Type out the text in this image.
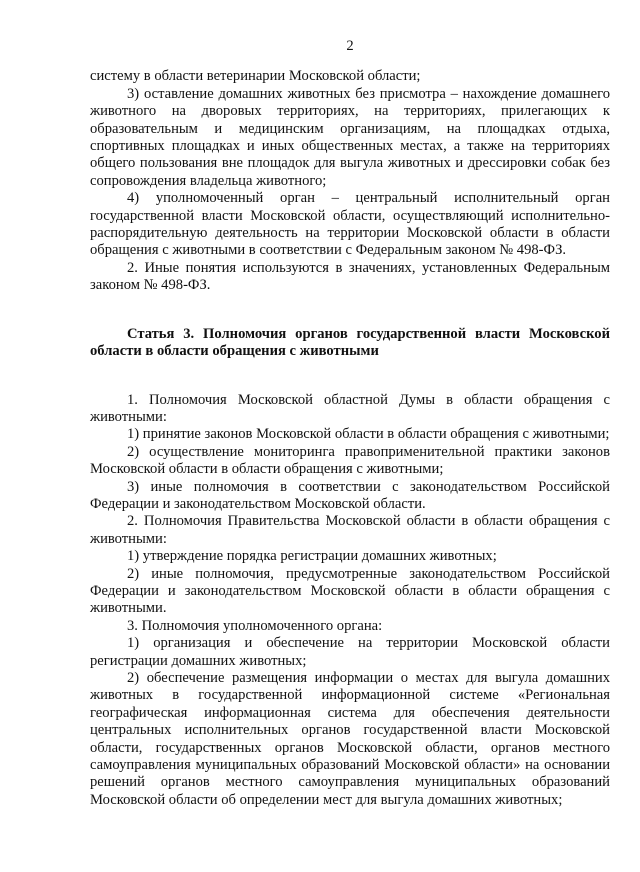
2

систему в области ветеринарии Московской области;

3) оставление домашних животных без присмотра – нахождение домашнего животного на дворовых территориях, на территориях, прилегающих к образовательным и медицинским организациям, на площадках отдыха, спортивных площадках и иных общественных местах, а также на территориях общего пользования вне площадок для выгула животных и дрессировки собак без сопровождения владельца животного;

4) уполномоченный орган – центральный исполнительный орган государственной власти Московской области, осуществляющий исполнительно-распорядительную деятельность на территории Московской области в области обращения с животными в соответствии с Федеральным законом № 498-ФЗ.

2. Иные понятия используются в значениях, установленных Федеральным законом № 498-ФЗ.

Статья 3. Полномочия органов государственной власти Московской области в области обращения с животными

1. Полномочия Московской областной Думы в области обращения с животными:

1) принятие законов Московской области в области обращения с животными;

2) осуществление мониторинга правоприменительной практики законов Московской области в области обращения с животными;

3) иные полномочия в соответствии с законодательством Российской Федерации и законодательством Московской области.

2. Полномочия Правительства Московской области в области обращения с животными:

1) утверждение порядка регистрации домашних животных;

2) иные полномочия, предусмотренные законодательством Российской Федерации и законодательством Московской области в области обращения с животными.

3. Полномочия уполномоченного органа:

1) организация и обеспечение на территории Московской области регистрации домашних животных;

2) обеспечение размещения информации о местах для выгула домашних животных в государственной информационной системе «Региональная географическая информационная система для обеспечения деятельности центральных исполнительных органов государственной власти Московской области, государственных органов Московской области, органов местного самоуправления муниципальных образований Московской области» на основании решений органов местного самоуправления муниципальных образований Московской области об определении мест для выгула домашних животных;
